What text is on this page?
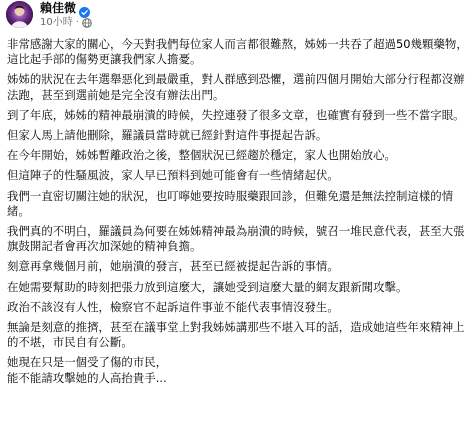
賴佳微
10小時 ·

非常感謝大家的關心，今天對我們每位家人而言都很難熬，姊姊一共吞了超過50幾顆藥物，這比起手部的傷勢更讓我們家人擔憂。

姊姊的狀況在去年選舉惡化到最嚴重，對人群感到恐懼，選前四個月開始大部分行程都沒辦法跑，甚至到選前她是完全沒有辦法出門。

到了年底，姊姊的精神最崩潰的時候，失控連發了很多文章，也確實有發到一些不當字眼。

但家人馬上請他刪除，羅議員當時就已經針對這件事提起告訴。

在今年開始，姊姊暫離政治之後，整個狀況已經趨於穩定，家人也開始放心。

但這陣子的性騷風波，家人早已預料到她可能會有一些情緒起伏。

我們一直密切關注她的狀況，也叮嚀她要按時服藥跟回診，但難免還是無法控制這樣的情緒。

我們真的不明白，羅議員為何要在姊姊精神最為崩潰的時候，號召一堆民意代表，甚至大張旗鼓開記者會再次加深她的精神負擔。

刻意再拿幾個月前，她崩潰的發言，甚至已經被提起告訴的事情。

在她需要幫助的時刻把張力放到這麼大，讓她受到這麼大量的網友跟新聞攻擊。

政治不該沒有人性，檢察官不起訴這件事並不能代表事情沒發生。

無論是刻意的推擠，甚至在議事堂上對我姊姊講那些不堪入耳的話，造成她這些年來精神上的不堪，市民自有公斷。

她現在只是一個受了傷的市民，
能不能請攻擊她的人高抬貴手...
